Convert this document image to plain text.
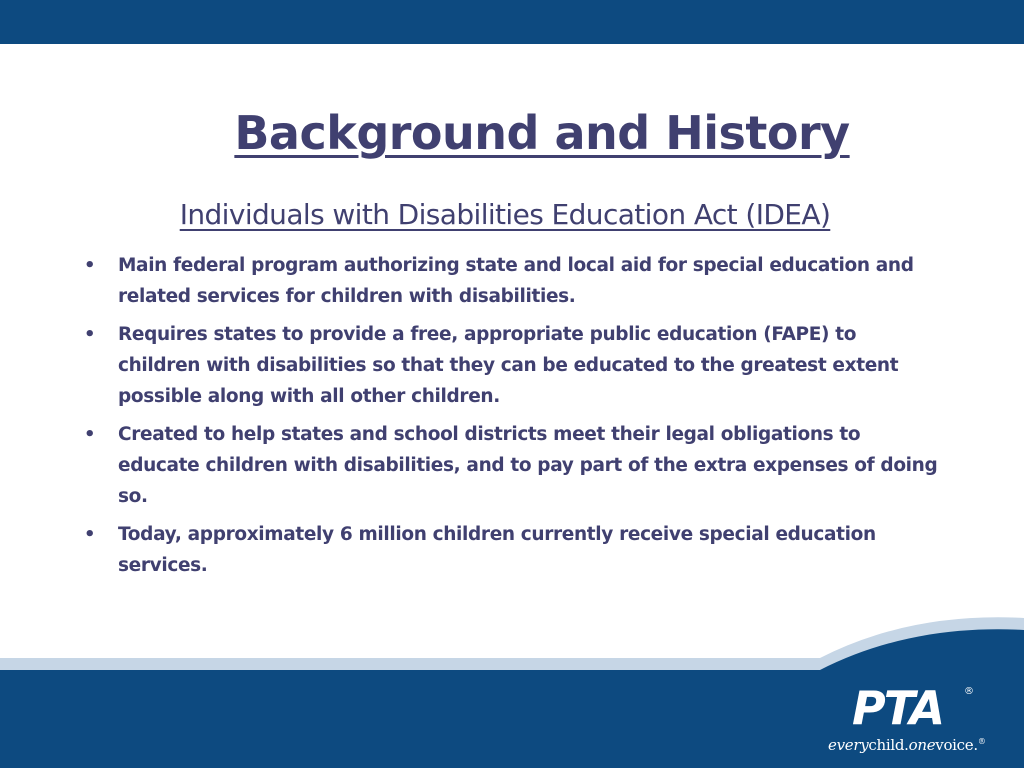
Background and History
Individuals with Disabilities Education Act (IDEA)
• Main federal program authorizing state and local aid for special education and related services for children with disabilities.
• Requires states to provide a free, appropriate public education (FAPE) to children with disabilities so that they can be educated to the greatest extent possible along with all other children.
• Created to help states and school districts meet their legal obligations to educate children with disabilities, and to pay part of the extra expenses of doing so.
• Today, approximately 6 million children currently receive special education services.
PTA ®
everychild.onevoice.®
